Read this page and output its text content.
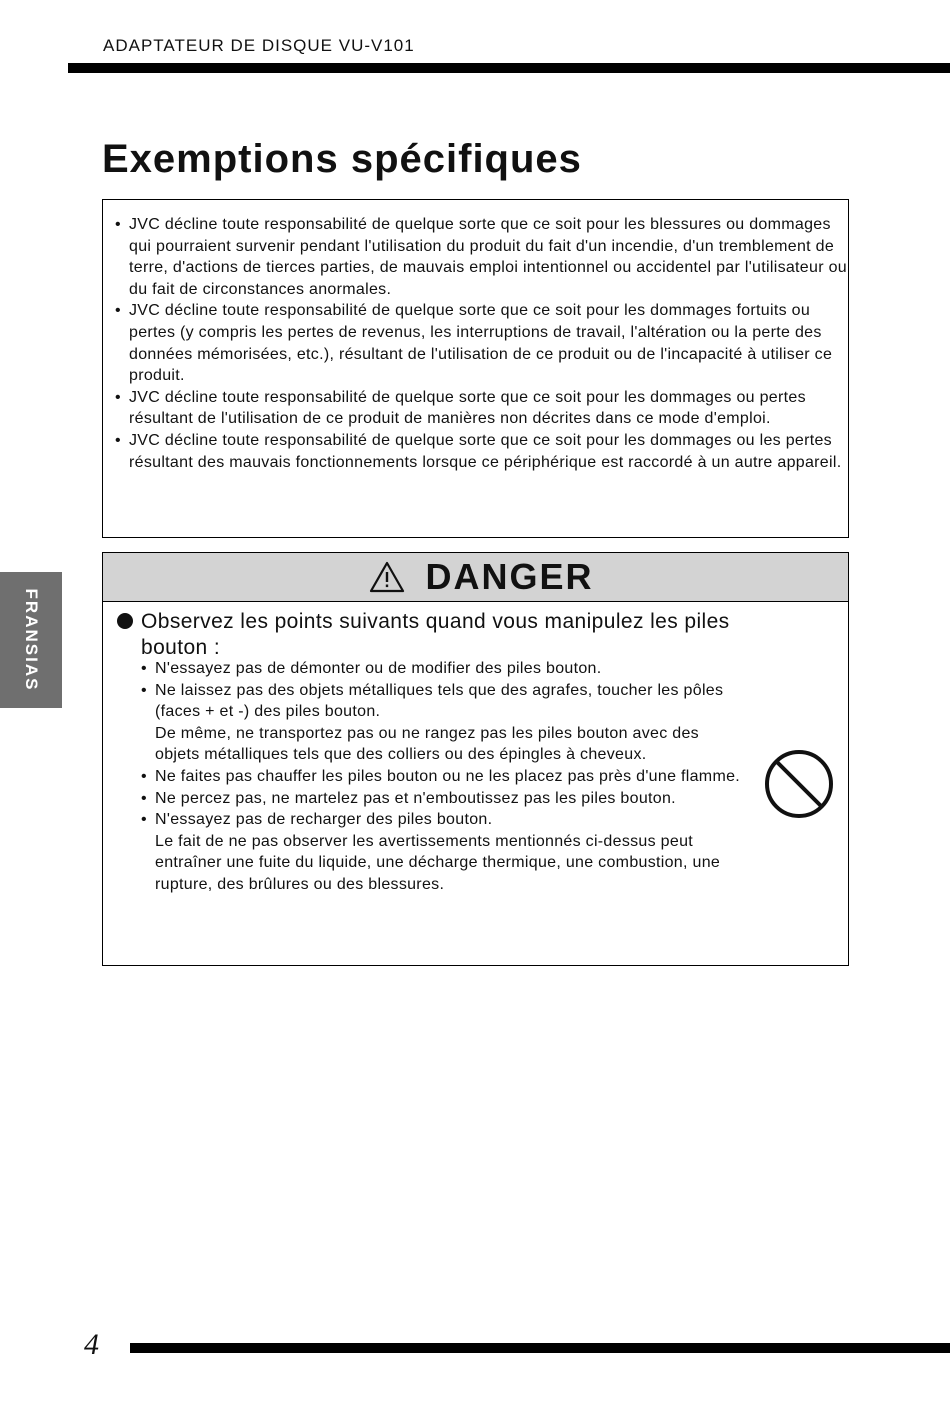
ADAPTATEUR DE DISQUE VU-V101
Exemptions spécifiques
• JVC décline toute responsabilité de quelque sorte que ce soit pour les blessures ou dommages qui pourraient survenir pendant l'utilisation du produit du fait d'un incendie, d'un tremblement de terre, d'actions de tierces parties, de mauvais emploi intentionnel ou accidentel par l'utilisateur ou du fait de circonstances anormales.
• JVC décline toute responsabilité de quelque sorte que ce soit pour les dommages fortuits ou pertes (y compris les pertes de revenus, les interruptions de travail, l'altération ou la perte des données mémorisées, etc.), résultant de l'utilisation de ce produit ou de l'incapacité à utiliser ce produit.
• JVC décline toute responsabilité de quelque sorte que ce soit pour les dommages ou pertes résultant de l'utilisation de ce produit de manières non décrites dans ce mode d'emploi.
• JVC décline toute responsabilité de quelque sorte que ce soit pour les dommages ou les pertes résultant des mauvais fonctionnements lorsque ce périphérique est raccordé à un autre appareil.
FRANSIAS
DANGER
Observez les points suivants quand vous manipulez les piles bouton :
• N'essayez pas de démonter ou de modifier des piles bouton.
• Ne laissez pas des objets métalliques tels que des agrafes, toucher les pôles (faces + et -) des piles bouton.
De même, ne transportez pas ou ne rangez pas les piles bouton avec des objets métalliques tels que des colliers ou des épingles à cheveux.
• Ne faites pas chauffer les piles bouton ou ne les placez pas près d'une flamme.
• Ne percez pas, ne martelez pas et n'emboutissez pas les piles bouton.
• N'essayez pas de recharger des piles bouton.
Le fait de ne pas observer les avertissements mentionnés ci-dessus peut entraîner une fuite du liquide, une décharge thermique, une combustion, une rupture, des brûlures ou des blessures.
4
